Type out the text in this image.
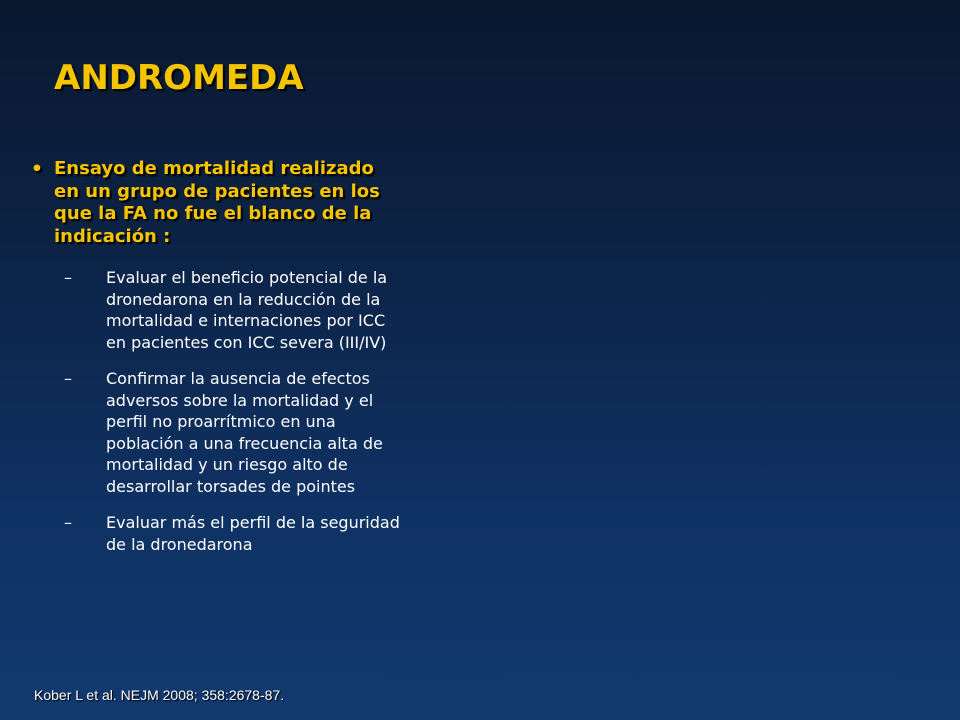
ANDROMEDA
• Ensayo de mortalidad realizado en un grupo de pacientes en los que la FA no fue el blanco de la indicación :
–	Evaluar el beneficio potencial de la dronedarona en la reducción de la mortalidad e internaciones por ICC en pacientes con ICC severa (III/IV)
–	Confirmar la ausencia de efectos adversos sobre la mortalidad y el perfil no proarrítmico en una población a una frecuencia alta de mortalidad y un riesgo alto de desarrollar torsades de pointes
–	Evaluar más el perfil de la seguridad de la dronedarona

Kober L et al. NEJM 2008; 358:2678-87.
